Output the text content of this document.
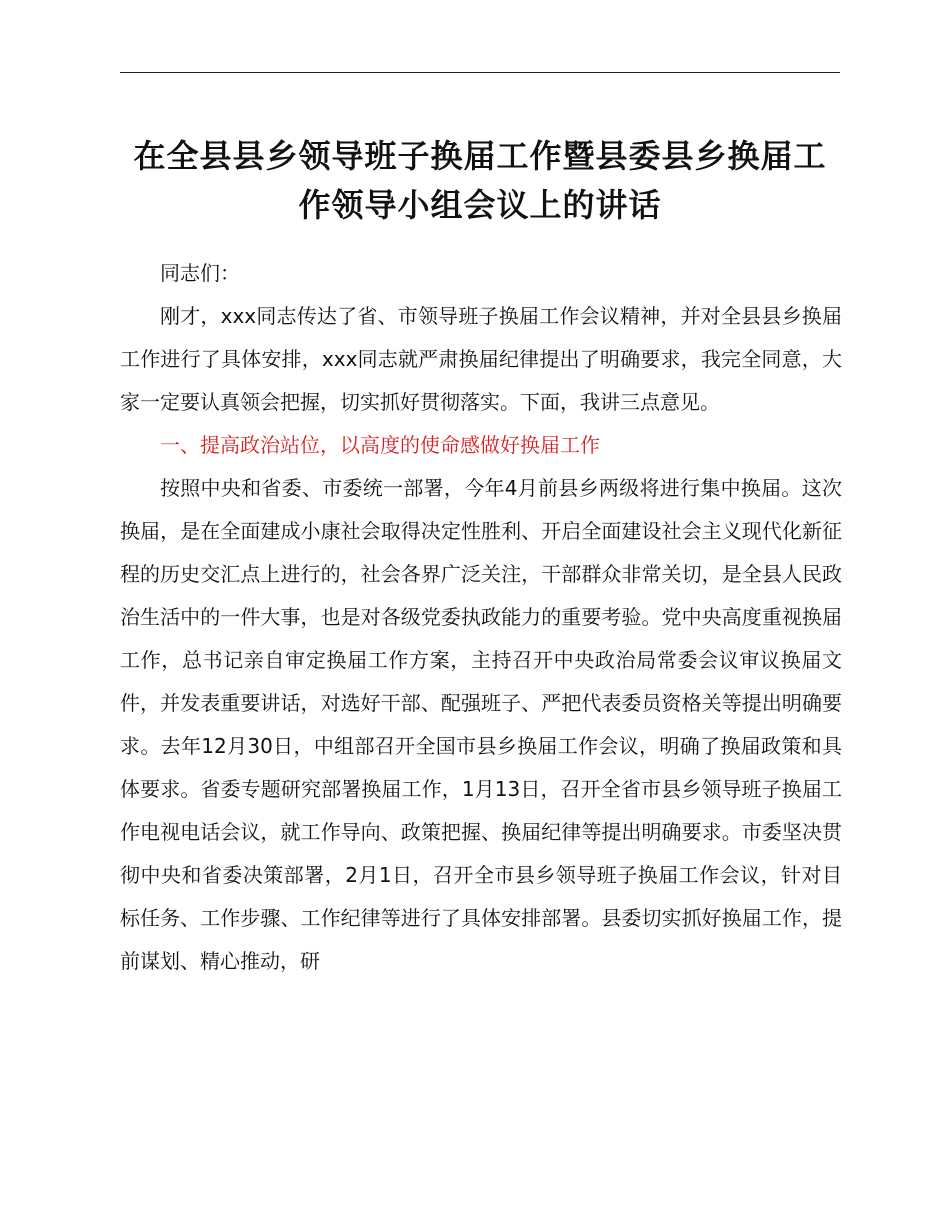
在全县县乡领导班子换届工作暨县委县乡换届工
作领导小组会议上的讲话

同志们：

刚才，xxx同志传达了省、市领导班子换届工作会议精神，并对全县县乡换届工作进行了具体安排，xxx同志就严肃换届纪律提出了明确要求，我完全同意，大家一定要认真领会把握，切实抓好贯彻落实。下面，我讲三点意见。

一、提高政治站位，以高度的使命感做好换届工作

按照中央和省委、市委统一部署，今年4月前县乡两级将进行集中换届。这次换届，是在全面建成小康社会取得决定性胜利、开启全面建设社会主义现代化新征程的历史交汇点上进行的，社会各界广泛关注，干部群众非常关切，是全县人民政治生活中的一件大事，也是对各级党委执政能力的重要考验。党中央高度重视换届工作，总书记亲自审定换届工作方案，主持召开中央政治局常委会议审议换届文件，并发表重要讲话，对选好干部、配强班子、严把代表委员资格关等提出明确要求。去年12月30日，中组部召开全国市县乡换届工作会议，明确了换届政策和具体要求。省委专题研究部署换届工作，1月13日，召开全省市县乡领导班子换届工作电视电话会议，就工作导向、政策把握、换届纪律等提出明确要求。市委坚决贯彻中央和省委决策部署，2月1日，召开全市县乡领导班子换届工作会议，针对目标任务、工作步骤、工作纪律等进行了具体安排部署。县委切实抓好换届工作，提前谋划、精心推动，研
